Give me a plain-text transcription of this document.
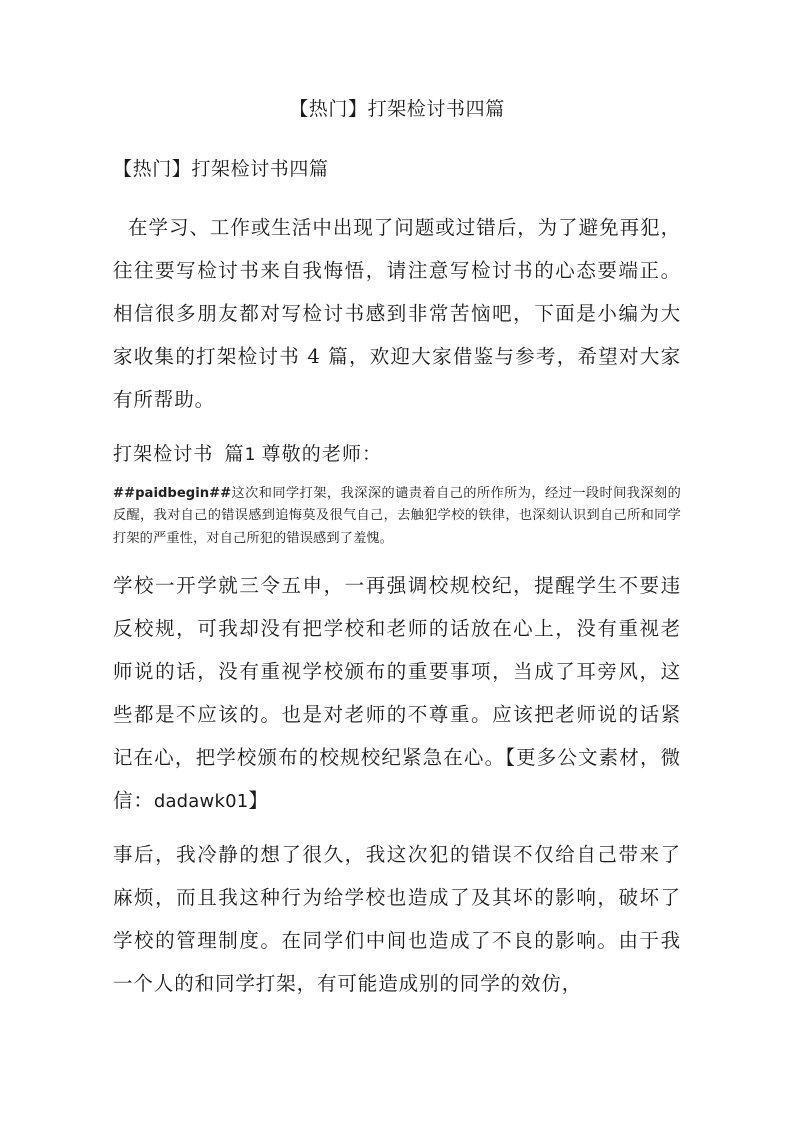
【热门】打架检讨书四篇

【热门】打架检讨书四篇

在学习、工作或生活中出现了问题或过错后，为了避免再犯，往往要写检讨书来自我悔悟，请注意写检讨书的心态要端正。相信很多朋友都对写检讨书感到非常苦恼吧，下面是小编为大家收集的打架检讨书 4 篇，欢迎大家借鉴与参考，希望对大家有所帮助。

打架检讨书 篇1 尊敬的老师：

##paidbegin##这次和同学打架，我深深的谴责着自己的所作所为，经过一段时间我深刻的反醒，我对自己的错误感到追悔莫及很气自己，去触犯学校的铁律，也深刻认识到自己所和同学打架的严重性，对自己所犯的错误感到了羞愧。

学校一开学就三令五申，一再强调校规校纪，提醒学生不要违反校规，可我却没有把学校和老师的话放在心上，没有重视老师说的话，没有重视学校颁布的重要事项，当成了耳旁风，这些都是不应该的。也是对老师的不尊重。应该把老师说的话紧记在心，把学校颁布的校规校纪紧急在心。【更多公文素材，微信：dadawk01】

事后，我冷静的想了很久，我这次犯的错误不仅给自己带来了麻烦，而且我这种行为给学校也造成了及其坏的影响，破坏了学校的管理制度。在同学们中间也造成了不良的影响。由于我一个人的和同学打架，有可能造成别的同学的效仿，
